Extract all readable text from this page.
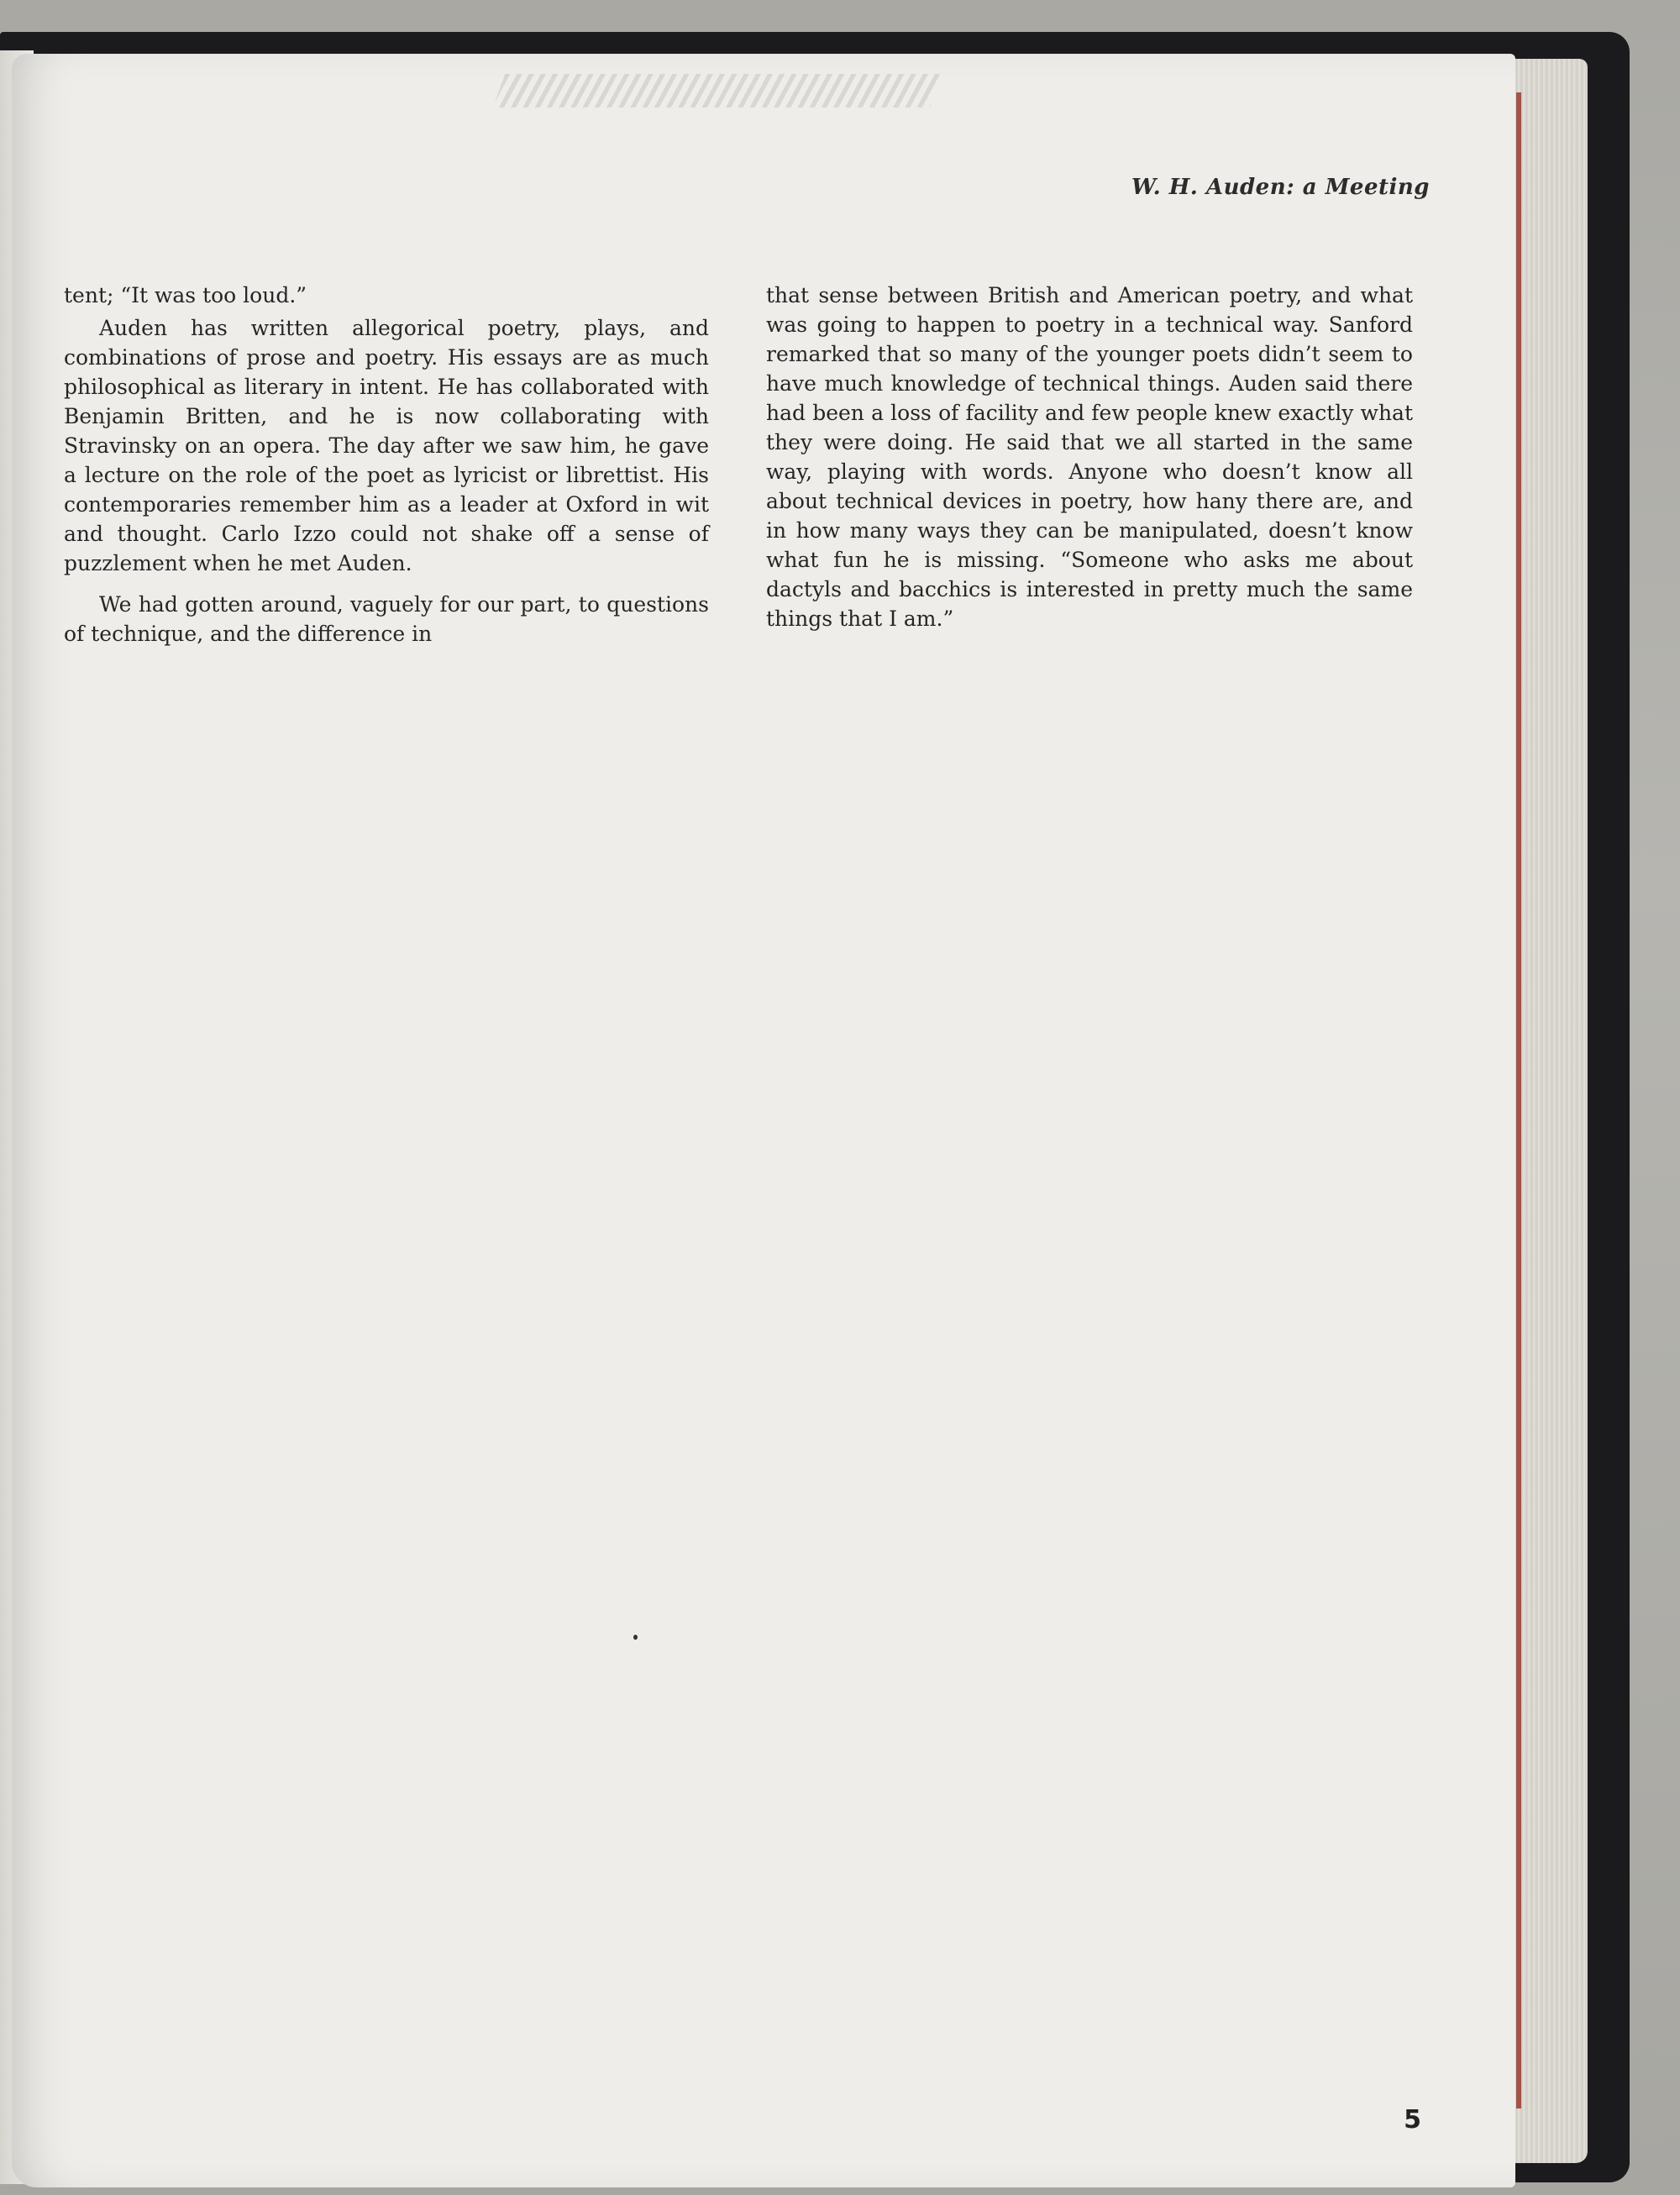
W. H. Auden: a Meeting

tent; “It was too loud.”

Auden has written allegorical poetry, plays, and combinations of prose and poetry. His essays are as much philosophical as literary in intent. He has collaborated with Benjamin Britten, and he is now collaborating with Stravinsky on an opera. The day after we saw him, he gave a lecture on the role of the poet as lyricist or librettist. His contemporaries remember him as a leader at Oxford in wit and thought. Carlo Izzo could not shake off a sense of puzzlement when he met Auden.

We had gotten around, vaguely for our part, to questions of technique, and the difference in

that sense between British and American poetry, and what was going to happen to poetry in a technical way. Sanford remarked that so many of the younger poets didn’t seem to have much knowledge of technical things. Auden said there had been a loss of facility and few people knew exactly what they were doing. He said that we all started in the same way, playing with words. Anyone who doesn’t know all about technical devices in poetry, how hany there are, and in how many ways they can be manipulated, doesn’t know what fun he is missing. “Someone who asks me about dactyls and bacchics is interested in pretty much the same things that I am.”

5
